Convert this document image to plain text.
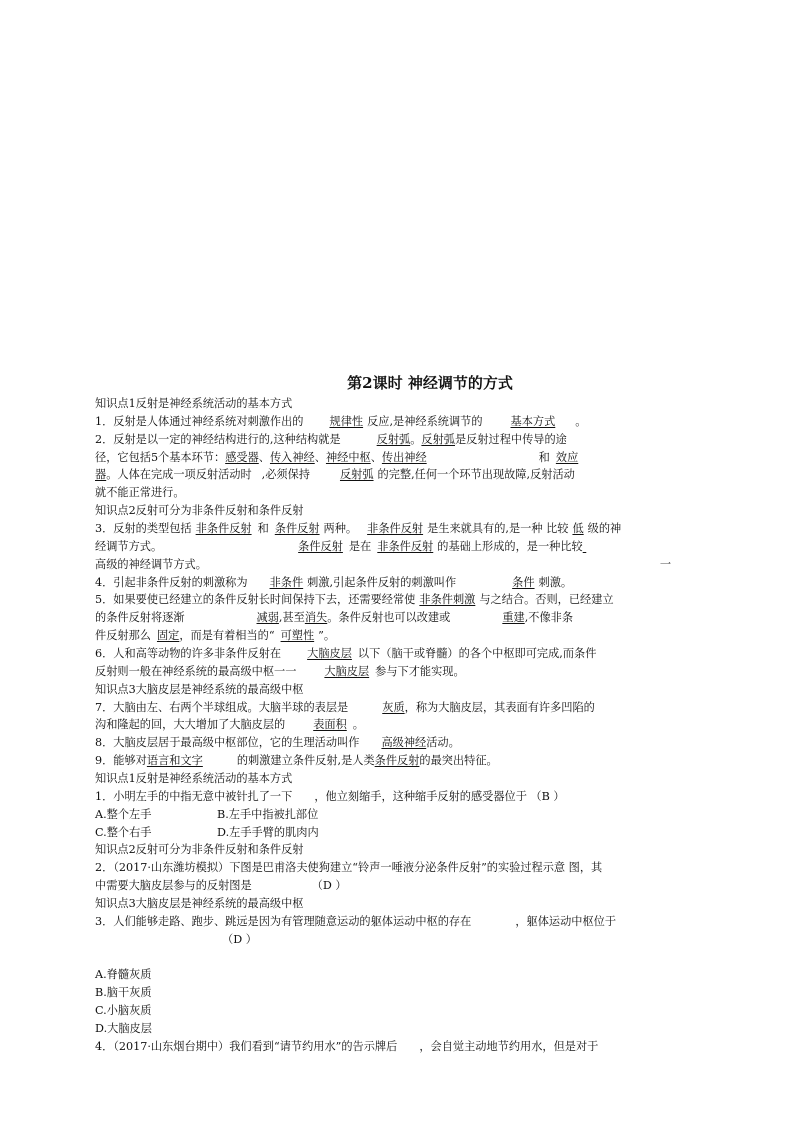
第2课时 神经调节的方式
知识点1反射是神经系统活动的基本方式
1．反射是人体通过神经系统对刺激作出的 规律性 反应,是神经系统调节的	基本方式 。
2．反射是以一定的神经结构进行的,这种结构就是	反射弧。反射弧是反射过程中传导的途
径，它包括5个基本环节：感受器、传入神经、神经中枢、传出神经	和 效应
器。人体在完成一项反射活动时 ,必须保持	反射弧 的完整,任何一个环节出现故障,反射活动
就不能正常进行。
知识点2反射可分为非条件反射和条件反射
3．反射的类型包括 非条件反射 和 条件反射 两种。 非条件反射 是生来就具有的,是一种 比较 低 级的神
经调节方式。	条件反射 是在 非条件反射 的基础上形成的，是一种比较
高级的神经调节方式。	一
4．引起非条件反射的刺激称为 非条件 刺激,引起条件反射的刺激叫作	条件 刺激。
5．如果要使已经建立的条件反射长时间保持下去，还需要经常使 非条件刺激 与之结合。否则，已经建立
的条件反射将逐渐	减弱,甚至消失。条件反射也可以改建或	重建,不像非条
件反射那么 固定，而是有着相当的“ 可塑性 ”。
6．人和高等动物的许多非条件反射在 大脑皮层 以下（脑干或脊髓）的各个中枢即可完成,而条件
反射则一般在神经系统的最高级中枢一一	大脑皮层 参与下才能实现。
知识点3大脑皮层是神经系统的最高级中枢
7．大脑由左、右两个半球组成。大脑半球的表层是	灰质，称为大脑皮层，其表面有许多凹陷的
沟和隆起的回，大大增加了大脑皮层的	表面积 。
8．大脑皮层居于最高级中枢部位，它的生理活动叫作 高级神经活动。
9．能够对语言和文字	的刺激建立条件反射,是人类条件反射的最突出特征。
知识点1反射是神经系统活动的基本方式
1．小明左手的中指无意中被针扎了一下 ，他立刻缩手，这种缩手反射的感受器位于 （B ）
A.整个左手	B.左手中指被扎部位
C.整个右手	D.左手手臂的肌肉内
知识点2反射可分为非条件反射和条件反射
2．（2017·山东潍坊模拟）下图是巴甫洛夫使狗建立“铃声一唾液分泌条件反射”的实验过程示意 图，其
中需要大脑皮层参与的反射图是	（D ）
知识点3大脑皮层是神经系统的最高级中枢
3．人们能够走路、跑步、跳远是因为有管理随意运动的躯体运动中枢的存在	，躯体运动中枢位于
（D ）
A.脊髓灰质
B.脑干灰质
C.小脑灰质
D.大脑皮层
4．（2017·山东烟台期中）我们看到“请节约用水”的告示牌后 ，会自觉主动地节约用水，但是对于
